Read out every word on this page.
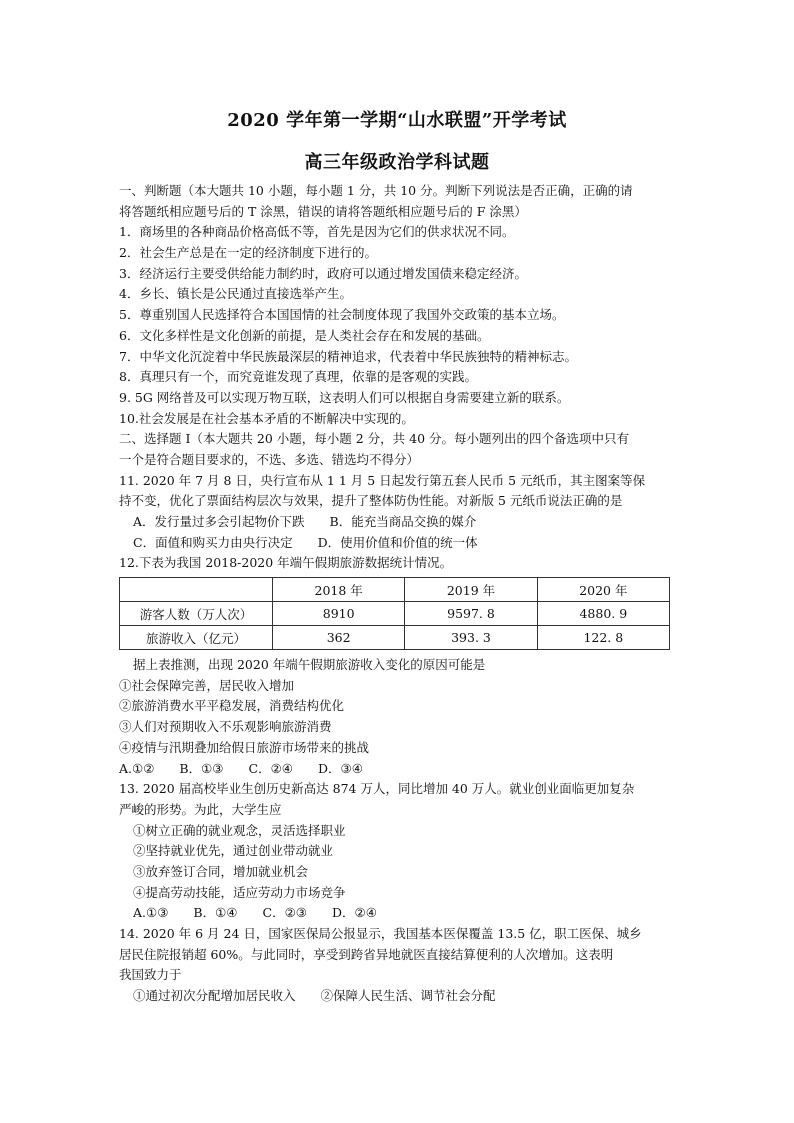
2020 学年第一学期“山水联盟”开学考试
高三年级政治学科试题
一、判断题（本大题共 10 小题，每小题 1 分，共 10 分。判断下列说法是否正确，正确的请
将答题纸相应题号后的 T 涂黑，错误的请将答题纸相应题号后的 F 涂黑）
1．商场里的各种商品价格高低不等，首先是因为它们的供求状况不同。
2．社会生产总是在一定的经济制度下进行的。
3．经济运行主要受供给能力制约时，政府可以通过增发国债来稳定经济。
4．乡长、镇长是公民通过直接选举产生。
5．尊重别国人民选择符合本国国情的社会制度体现了我国外交政策的基本立场。
6．文化多样性是文化创新的前提，是人类社会存在和发展的基础。
7．中华文化沉淀着中华民族最深层的精神追求，代表着中华民族独特的精神标志。
8．真理只有一个，而究竟谁发现了真理，依靠的是客观的实践。
9. 5G 网络普及可以实现万物互联，这表明人们可以根据自身需要建立新的联系。
10.社会发展是在社会基本矛盾的不断解决中实现的。
二、选择题 I（本大题共 20 小题，每小题 2 分，共 40 分。每小题列出的四个备选项中只有
一个是符合题目要求的，不选、多选、错选均不得分）
11. 2020 年 7 月 8 日，央行宣布从 1 1 月 5 日起发行第五套人民币 5 元纸币，其主图案等保
持不变，优化了票面结构层次与效果，提升了整体防伪性能。对新版 5 元纸币说法正确的是
A．发行量过多会引起物价下跌　　B．能充当商品交换的媒介
C．面值和购买力由央行决定　　D．使用价值和价值的统一体
12.下表为我国 2018-2020 年端午假期旅游数据统计情况。
	2018 年	2019 年	2020 年
游客人数（万人次）	8910	9597. 8	4880. 9
旅游收入（亿元）	362	393. 3	122. 8
据上表推测，出现 2020 年端午假期旅游收入变化的原因可能是
①社会保障完善，居民收入增加
②旅游消费水平平稳发展，消费结构优化
③人们对预期收入不乐观影响旅游消费
④疫情与汛期叠加给假日旅游市场带来的挑战
A.①②　　B．①③　　C．②④　　D．③④
13. 2020 届高校毕业生创历史新高达 874 万人，同比增加 40 万人。就业创业面临更加复杂
严峻的形势。为此，大学生应
①树立正确的就业观念，灵活选择职业
②坚持就业优先，通过创业带动就业
③放弃签订合同，增加就业机会
④提高劳动技能，适应劳动力市场竞争
A.①③　　B．①④　　C．②③　　D．②④
14. 2020 年 6 月 24 日，国家医保局公报显示，我国基本医保覆盖 13.5 亿，职工医保、城乡
居民住院报销超 60%。与此同时，享受到跨省异地就医直接结算便利的人次增加。这表明
我国致力于
①通过初次分配增加居民收入　　②保障人民生活、调节社会分配
